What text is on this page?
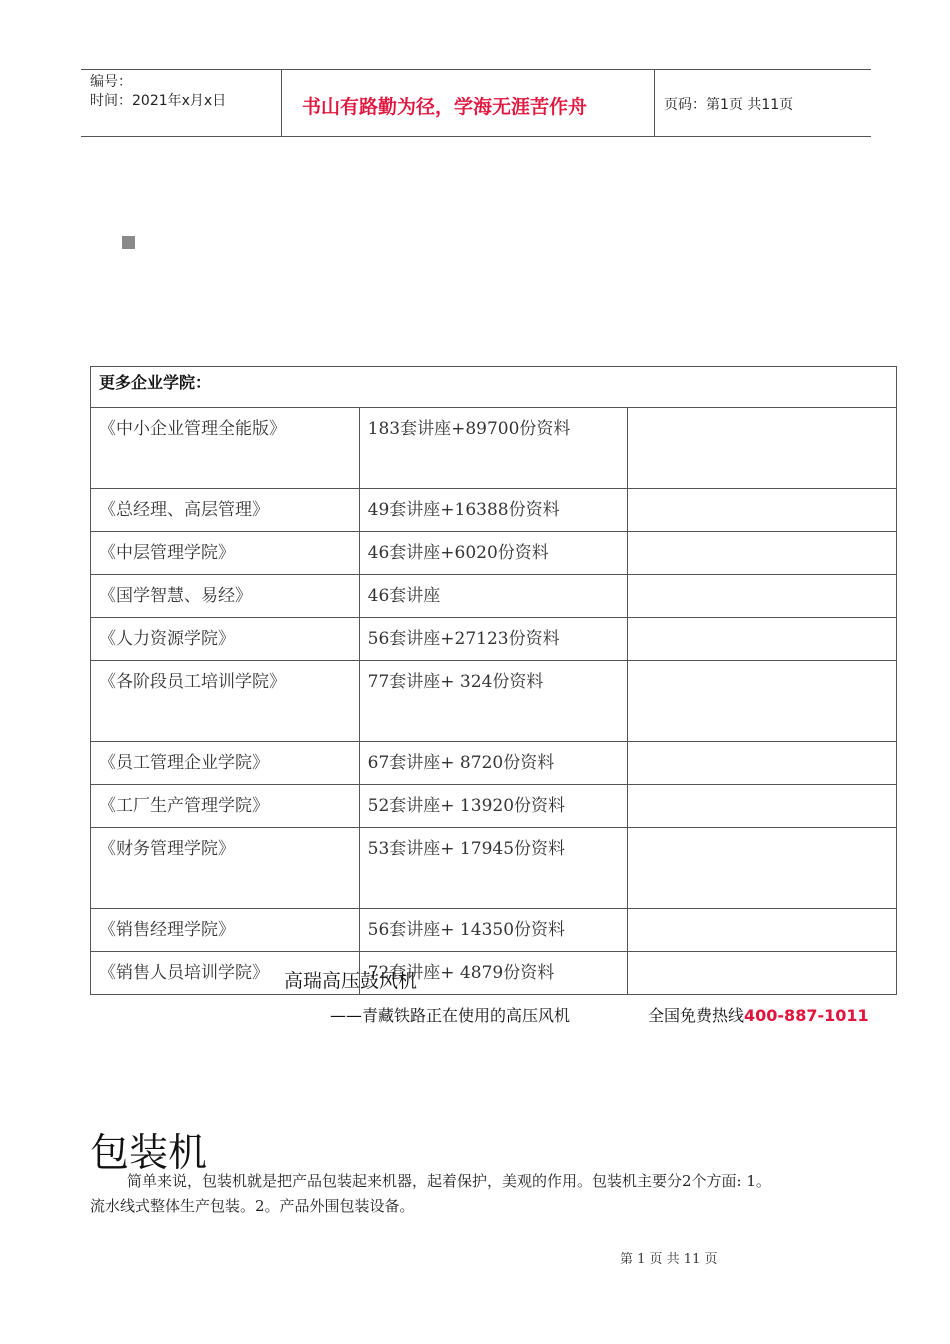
编号：
时间：2021年x月x日	书山有路勤为径，学海无涯苦作舟	页码：第1页 共11页
更多企业学院：		
《中小企业管理全能版》	183套讲座+89700份资料	
《总经理、高层管理》	49套讲座+16388份资料	
《中层管理学院》	46套讲座+6020份资料	
《国学智慧、易经》	46套讲座	
《人力资源学院》	56套讲座+27123份资料	
《各阶段员工培训学院》	77套讲座+ 324份资料	
《员工管理企业学院》	67套讲座+ 8720份资料	
《工厂生产管理学院》	52套讲座+ 13920份资料	
《财务管理学院》	53套讲座+ 17945份资料	
《销售经理学院》	56套讲座+ 14350份资料	
《销售人员培训学院》	72套讲座+ 4879份资料	
高瑞高压鼓风机
——青藏铁路正在使用的高压风机	全国免费热线400-887-1011
包装机
简单来说，包装机就是把产品包装起来机器，起着保护，美观的作用。包装机主要分2个方面: 1。
流水线式整体生产包装。2。产品外围包装设备。
第 1 页 共 11 页
